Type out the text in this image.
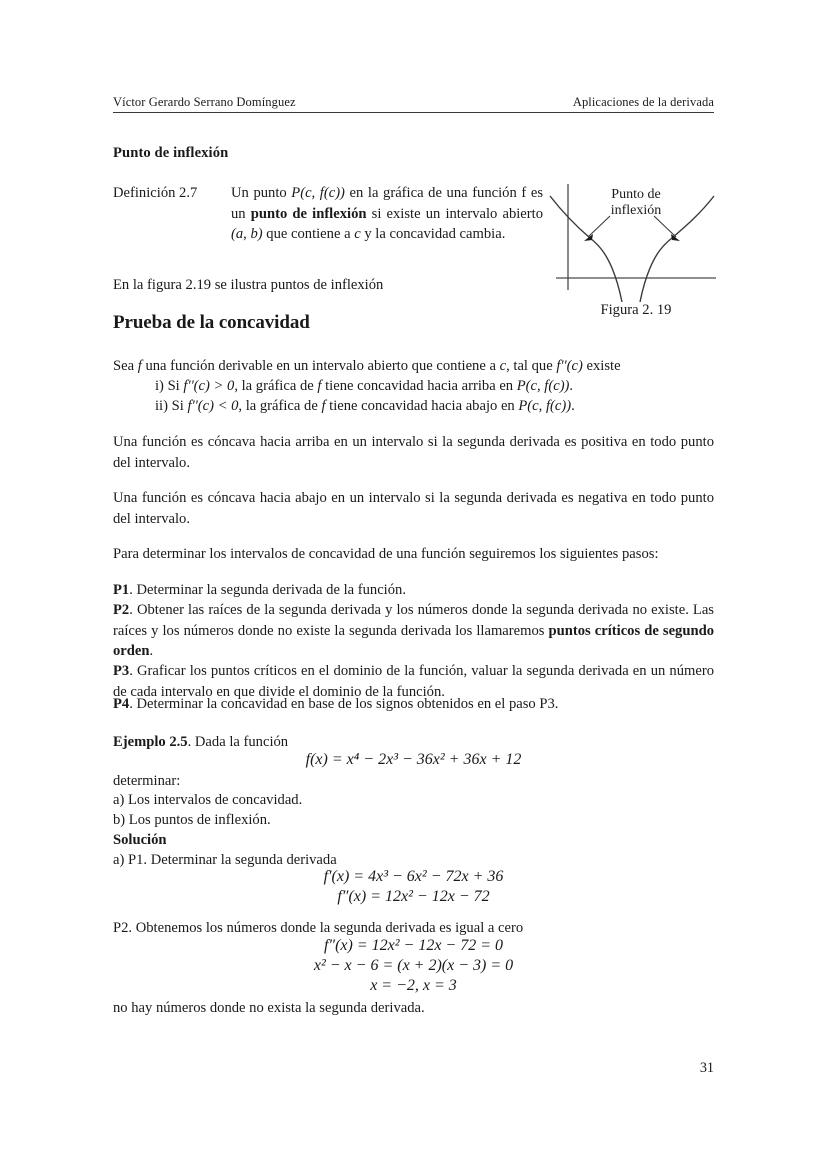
Víctor Gerardo Serrano Domínguez	Aplicaciones de la derivada
Punto de inflexión
Definición 2.7	Un punto P(c, f(c)) en la gráfica de una función f es un punto de inflexión si existe un intervalo abierto (a, b) que contiene a c y la concavidad cambia.
Punto de
inflexión
Figura 2. 19
En la figura 2.19 se ilustra puntos de inflexión
Prueba de la concavidad
Sea f una función derivable en un intervalo abierto que contiene a c, tal que f''(c) existe
i) Si f''(c) > 0, la gráfica de f tiene concavidad hacia arriba en P(c, f(c)).
ii) Si f''(c) < 0, la gráfica de f tiene concavidad hacia abajo en P(c, f(c)).
Una función es cóncava hacia arriba en un intervalo si la segunda derivada es positiva en todo punto del intervalo.
Una función es cóncava hacia abajo en un intervalo si la segunda derivada es negativa en todo punto del intervalo.
Para determinar los intervalos de concavidad de una función seguiremos los siguientes pasos:
P1. Determinar la segunda derivada de la función.
P2. Obtener las raíces de la segunda derivada y los números donde la segunda derivada no existe. Las raíces y los números donde no existe la segunda derivada los llamaremos puntos críticos de segundo orden.
P3. Graficar los puntos críticos en el dominio de la función, valuar la segunda derivada en un número de cada intervalo en que divide el dominio de la función.
P4. Determinar la concavidad en base de los signos obtenidos en el paso P3.
Ejemplo 2.5. Dada la función
f(x) = x⁴ − 2x³ − 36x² + 36x + 12
determinar:
a) Los intervalos de concavidad.
b) Los puntos de inflexión.
Solución
a) P1. Determinar la segunda derivada
f′(x) = 4x³ − 6x² − 72x + 36
f″(x) = 12x² − 12x − 72
P2. Obtenemos los números donde la segunda derivada es igual a cero
f″(x) = 12x² − 12x − 72 = 0
x² − x − 6 = (x + 2)(x − 3) = 0
x = −2, x = 3
no hay números donde no exista la segunda derivada.
31
